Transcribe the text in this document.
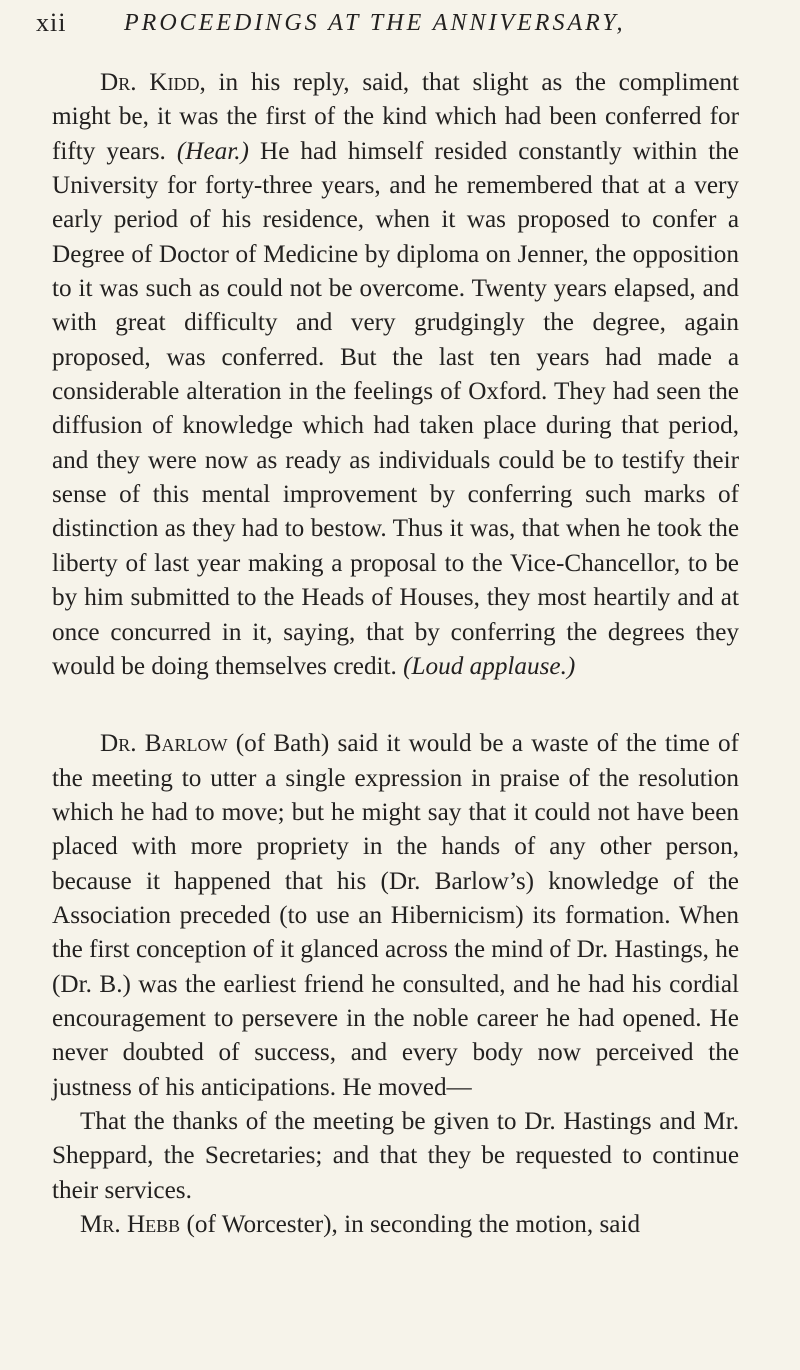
xii PROCEEDINGS AT THE ANNIVERSARY,

Dr. Kidd, in his reply, said, that slight as the compliment might be, it was the first of the kind which had been conferred for fifty years. (Hear.) He had himself resided constantly within the University for forty-three years, and he remembered that at a very early period of his residence, when it was proposed to confer a Degree of Doctor of Medicine by diploma on Jenner, the opposition to it was such as could not be overcome. Twenty years elapsed, and with great difficulty and very grudgingly the degree, again proposed, was conferred. But the last ten years had made a considerable alteration in the feelings of Oxford. They had seen the diffusion of knowledge which had taken place during that period, and they were now as ready as individuals could be to testify their sense of this mental improvement by conferring such marks of distinction as they had to bestow. Thus it was, that when he took the liberty of last year making a proposal to the Vice-Chancellor, to be by him submitted to the Heads of Houses, they most heartily and at once concurred in it, saying, that by conferring the degrees they would be doing themselves credit. (Loud applause.)

Dr. Barlow (of Bath) said it would be a waste of the time of the meeting to utter a single expression in praise of the resolution which he had to move; but he might say that it could not have been placed with more propriety in the hands of any other person, because it happened that his (Dr. Barlow’s) knowledge of the Association preceded (to use an Hibernicism) its formation. When the first conception of it glanced across the mind of Dr. Hastings, he (Dr. B.) was the earliest friend he consulted, and he had his cordial encouragement to persevere in the noble career he had opened. He never doubted of success, and every body now perceived the justness of his anticipations. He moved—

That the thanks of the meeting be given to Dr. Hastings and Mr. Sheppard, the Secretaries; and that they be requested to continue their services.

Mr. Hebb (of Worcester), in seconding the motion, said
